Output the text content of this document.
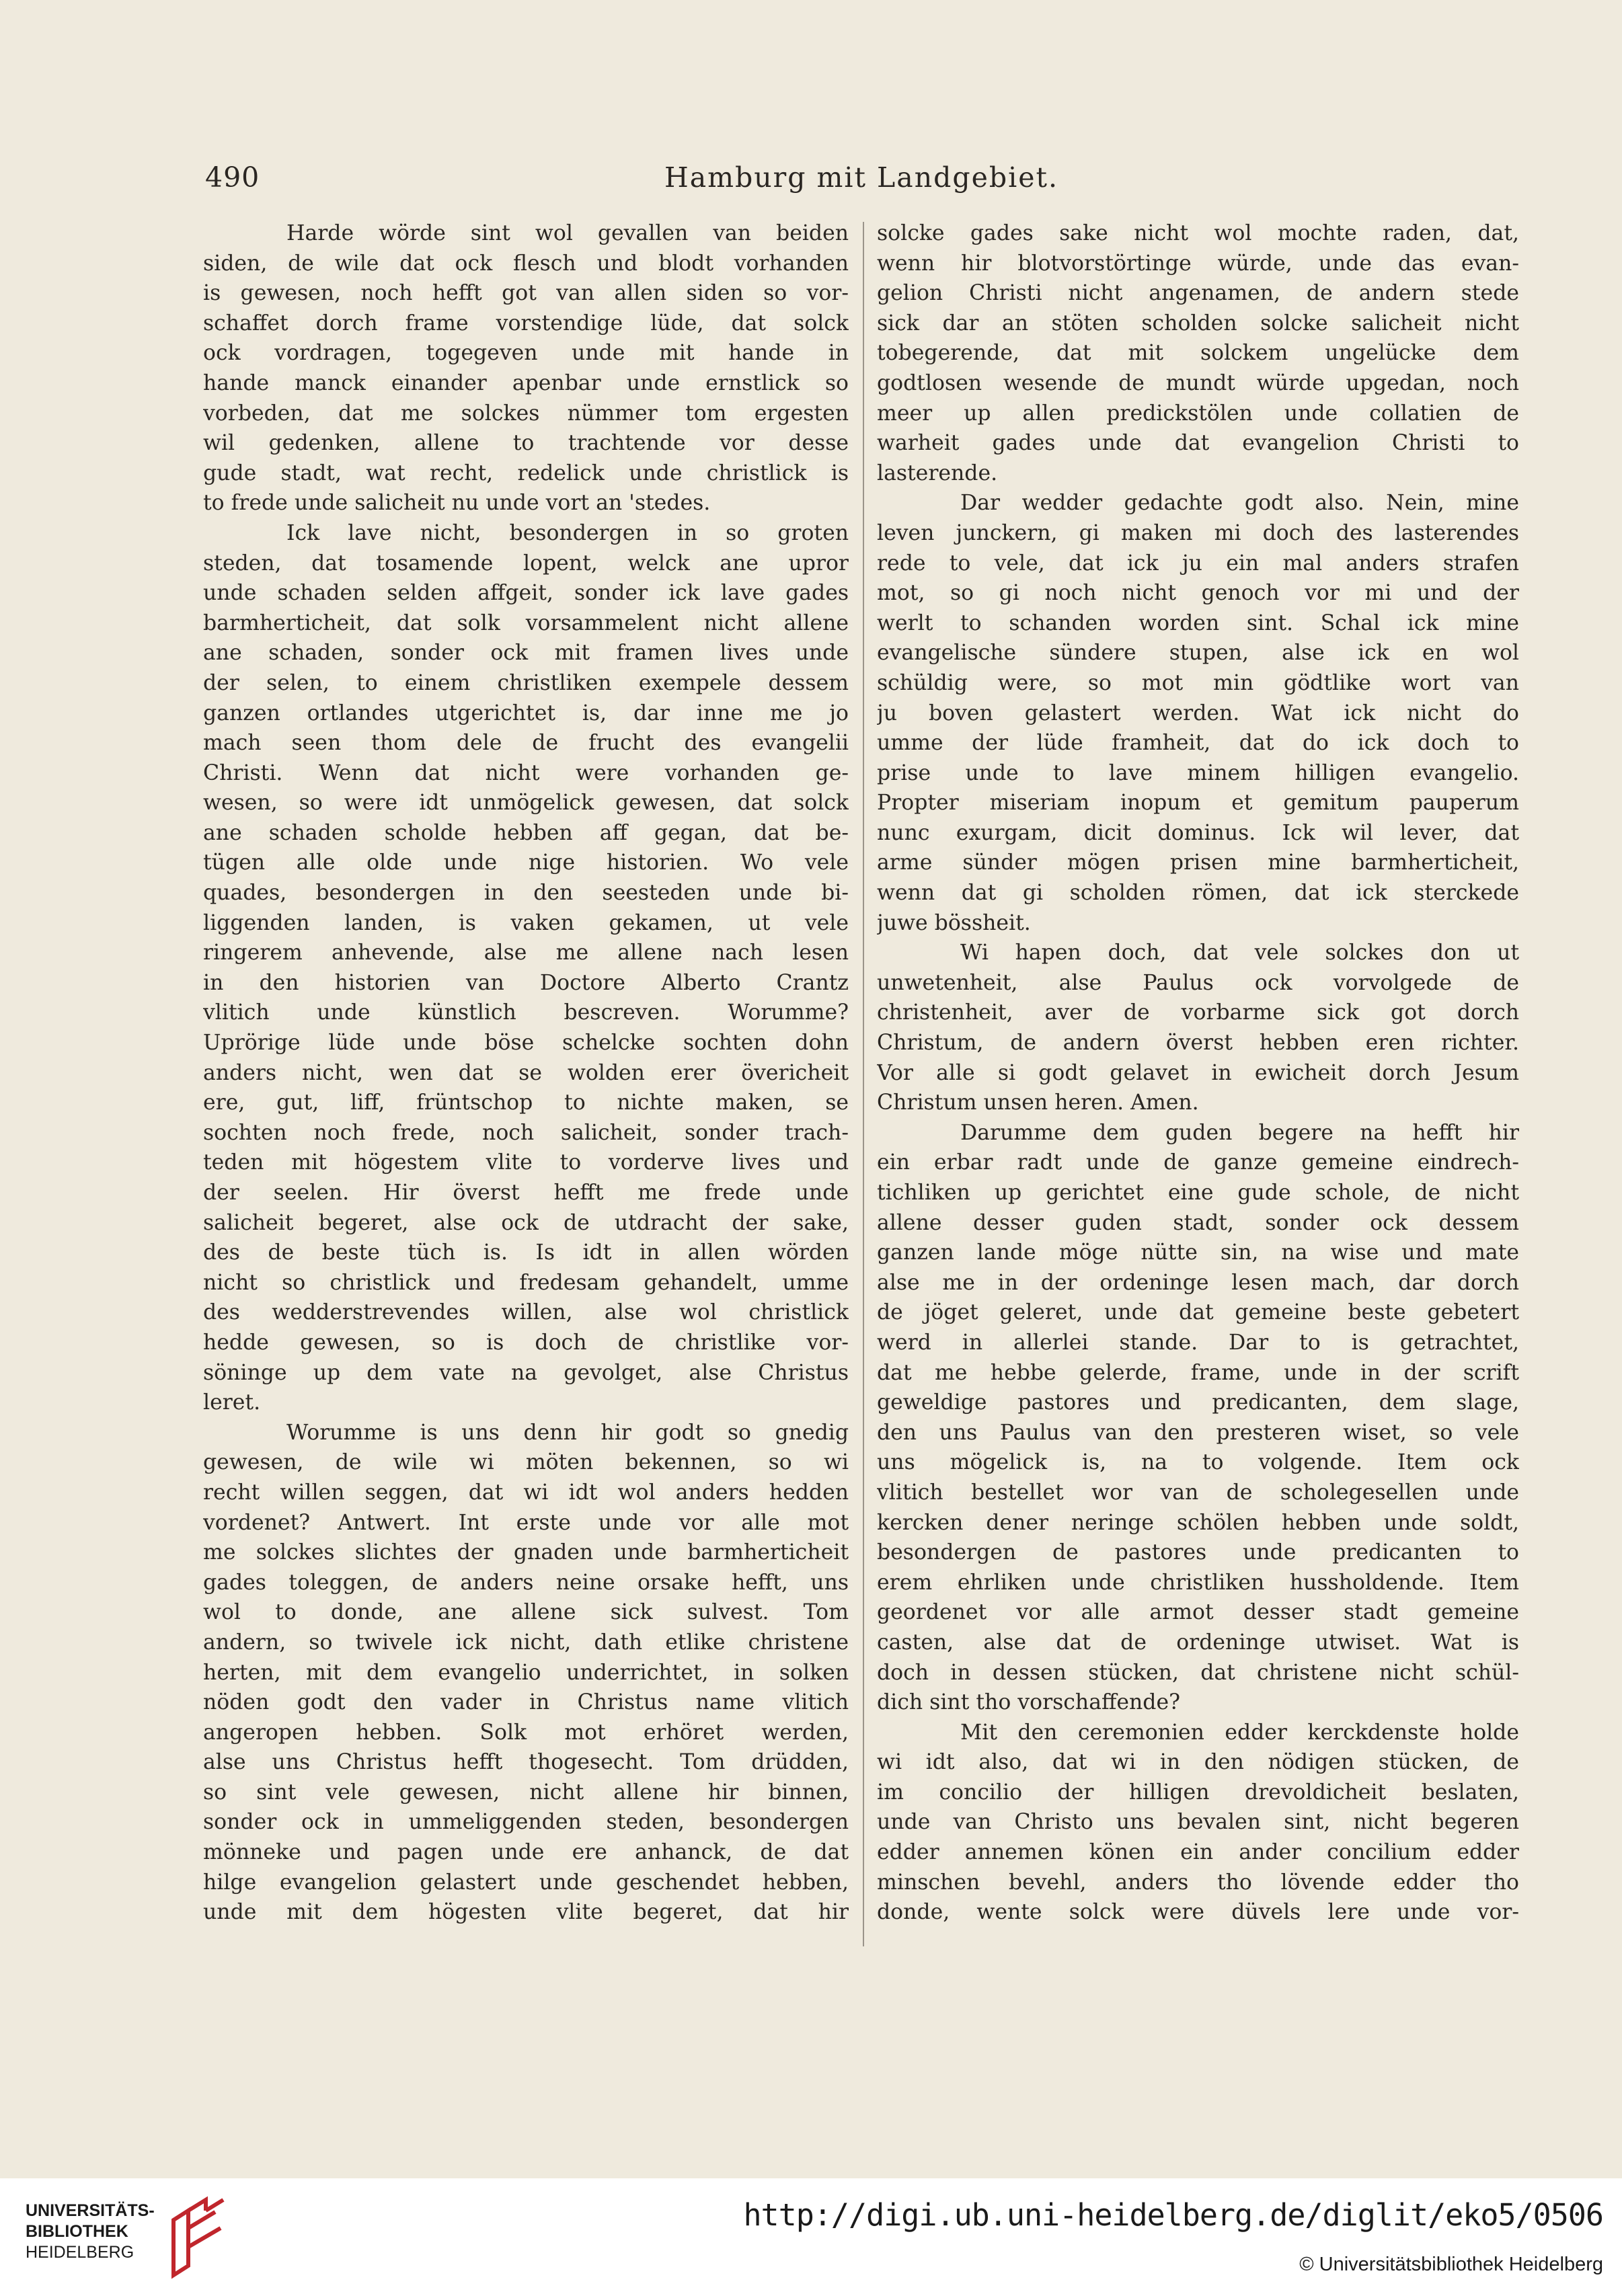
490	Hamburg mit Landgebiet.
Harde wörde sint wol gevallen van beiden
siden, de wile dat ock flesch und blodt vorhanden
is gewesen, noch hefft got van allen siden so vor-
schaffet dorch frame vorstendige lüde, dat solck
ock vordragen, togegeven unde mit hande in
hande manck einander apenbar unde ernstlick so
vorbeden, dat me solckes nümmer tom ergesten
wil gedenken, allene to trachtende vor desse
gude stadt, wat recht, redelick unde christlick is
to frede unde salicheit nu unde vort an 'stedes.
Ick lave nicht, besondergen in so groten
steden, dat tosamende lopent, welck ane upror
unde schaden selden affgeit, sonder ick lave gades
barmherticheit, dat solk vorsammelent nicht allene
ane schaden, sonder ock mit framen lives unde
der selen, to einem christliken exempele dessem
ganzen ortlandes utgerichtet is, dar inne me jo
mach seen thom dele de frucht des evangelii
Christi. Wenn dat nicht were vorhanden ge-
wesen, so were idt unmögelick gewesen, dat solck
ane schaden scholde hebben aff gegan, dat be-
tügen alle olde unde nige historien. Wo vele
quades, besondergen in den seesteden unde bi-
liggenden landen, is vaken gekamen, ut vele
ringerem anhevende, alse me allene nach lesen
in den historien van Doctore Alberto Crantz
vlitich unde künstlich bescreven. Worumme?
Uprörige lüde unde böse schelcke sochten dohn
anders nicht, wen dat se wolden erer övericheit
ere, gut, liff, früntschop to nichte maken, se
sochten noch frede, noch salicheit, sonder trach-
teden mit högestem vlite to vorderve lives und
der seelen. Hir överst hefft me frede unde
salicheit begeret, alse ock de utdracht der sake,
des de beste tüch is. Is idt in allen wörden
nicht so christlick und fredesam gehandelt, umme
des wedderstrevendes willen, alse wol christlick
hedde gewesen, so is doch de christlike vor-
söninge up dem vate na gevolget, alse Christus
leret.
Worumme is uns denn hir godt so gnedig
gewesen, de wile wi möten bekennen, so wi
recht willen seggen, dat wi idt wol anders hedden
vordenet? Antwert. Int erste unde vor alle mot
me solckes slichtes der gnaden unde barmherticheit
gades toleggen, de anders neine orsake hefft, uns
wol to donde, ane allene sick sulvest. Tom
andern, so twivele ick nicht, dath etlike christene
herten, mit dem evangelio underrichtet, in solken
nöden godt den vader in Christus name vlitich
angeropen hebben. Solk mot erhöret werden,
alse uns Christus hefft thogesecht. Tom drüdden,
so sint vele gewesen, nicht allene hir binnen,
sonder ock in ummeliggenden steden, besondergen
mönneke und pagen unde ere anhanck, de dat
hilge evangelion gelastert unde geschendet hebben,
unde mit dem högesten vlite begeret, dat hir
solcke gades sake nicht wol mochte raden, dat,
wenn hir blotvorstörtinge würde, unde das evan-
gelion Christi nicht angenamen, de andern stede
sick dar an stöten scholden solcke salicheit nicht
tobegerende, dat mit solckem ungelücke dem
godtlosen wesende de mundt würde upgedan, noch
meer up allen predickstölen unde collatien de
warheit gades unde dat evangelion Christi to
lasterende.
Dar wedder gedachte godt also. Nein, mine
leven junckern, gi maken mi doch des lasterendes
rede to vele, dat ick ju ein mal anders strafen
mot, so gi noch nicht genoch vor mi und der
werlt to schanden worden sint. Schal ick mine
evangelische sündere stupen, alse ick en wol
schüldig were, so mot min gödtlike wort van
ju boven gelastert werden. Wat ick nicht do
umme der lüde framheit, dat do ick doch to
prise unde to lave minem hilligen evangelio.
Propter miseriam inopum et gemitum pauperum
nunc exurgam, dicit dominus. Ick wil lever, dat
arme sünder mögen prisen mine barmherticheit,
wenn dat gi scholden römen, dat ick sterckede
juwe bössheit.
Wi hapen doch, dat vele solckes don ut
unwetenheit, alse Paulus ock vorvolgede de
christenheit, aver de vorbarme sick got dorch
Christum, de andern överst hebben eren richter.
Vor alle si godt gelavet in ewicheit dorch Jesum
Christum unsen heren. Amen.
Darumme dem guden begere na hefft hir
ein erbar radt unde de ganze gemeine eindrech-
tichliken up gerichtet eine gude schole, de nicht
allene desser guden stadt, sonder ock dessem
ganzen lande möge nütte sin, na wise und mate
alse me in der ordeninge lesen mach, dar dorch
de jöget geleret, unde dat gemeine beste gebetert
werd in allerlei stande. Dar to is getrachtet,
dat me hebbe gelerde, frame, unde in der scrift
geweldige pastores und predicanten, dem slage,
den uns Paulus van den presteren wiset, so vele
uns mögelick is, na to volgende. Item ock
vlitich bestellet wor van de scholegesellen unde
kercken dener neringe schölen hebben unde soldt,
besondergen de pastores unde predicanten to
erem ehrliken unde christliken hussholdende. Item
geordenet vor alle armot desser stadt gemeine
casten, alse dat de ordeninge utwiset. Wat is
doch in dessen stücken, dat christene nicht schül-
dich sint tho vorschaffende?
Mit den ceremonien edder kerckdenste holde
wi idt also, dat wi in den nödigen stücken, de
im concilio der hilligen drevoldicheit beslaten,
unde van Christo uns bevalen sint, nicht begeren
edder annemen könen ein ander concilium edder
minschen bevehl, anders tho lövende edder tho
donde, wente solck were düvels lere unde vor-
UNIVERSITÄTS-
BIBLIOTHEK
HEIDELBERG
http://digi.ub.uni-heidelberg.de/diglit/eko5/0506
© Universitätsbibliothek Heidelberg
